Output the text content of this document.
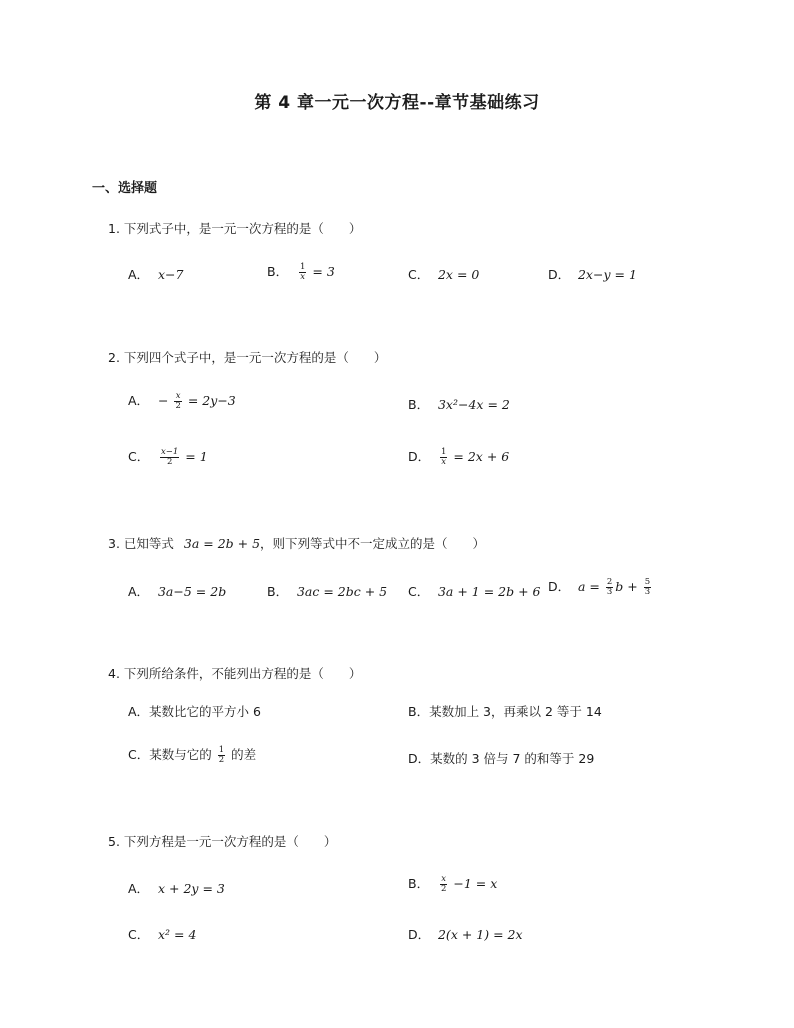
第 4 章一元一次方程--章节基础练习
一、选择题
1. 下列式子中，是一元一次方程的是（　　）
A． x−7	B． $\frac{1}{x} = 3$	C． 2x = 0	D． 2x−y = 1
2. 下列四个式子中，是一元一次方程的是（　　）
A． − $\frac{x}{2} = 2y-3$	B． 3x²−4x = 2
C． $\frac{x-1}{2} = 1$	D． $\frac{1}{x} = 2x + 6$
3. 已知等式 3a = 2b + 5，则下列等式中不一定成立的是（　　）
A． 3a−5 = 2b	B． 3ac = 2bc + 5 C． 3a + 1 = 2b + 6 D． $a = \frac{2}{3}$ $b + \frac{5}{3}$
4. 下列所给条件，不能列出方程的是（　　）
A．某数比它的平方小 6	B．某数加上 3，再乘以 2 等于 14
C．某数与它的 $\frac{1}{2}$ 的差	D．某数的 3 倍与 7 的和等于 29
5. 下列方程是一元一次方程的是（　　）
A． x + 2y = 3	B． $\frac{x}{2} -1 = x$
C． x² = 4	D． 2(x + 1) = 2x
